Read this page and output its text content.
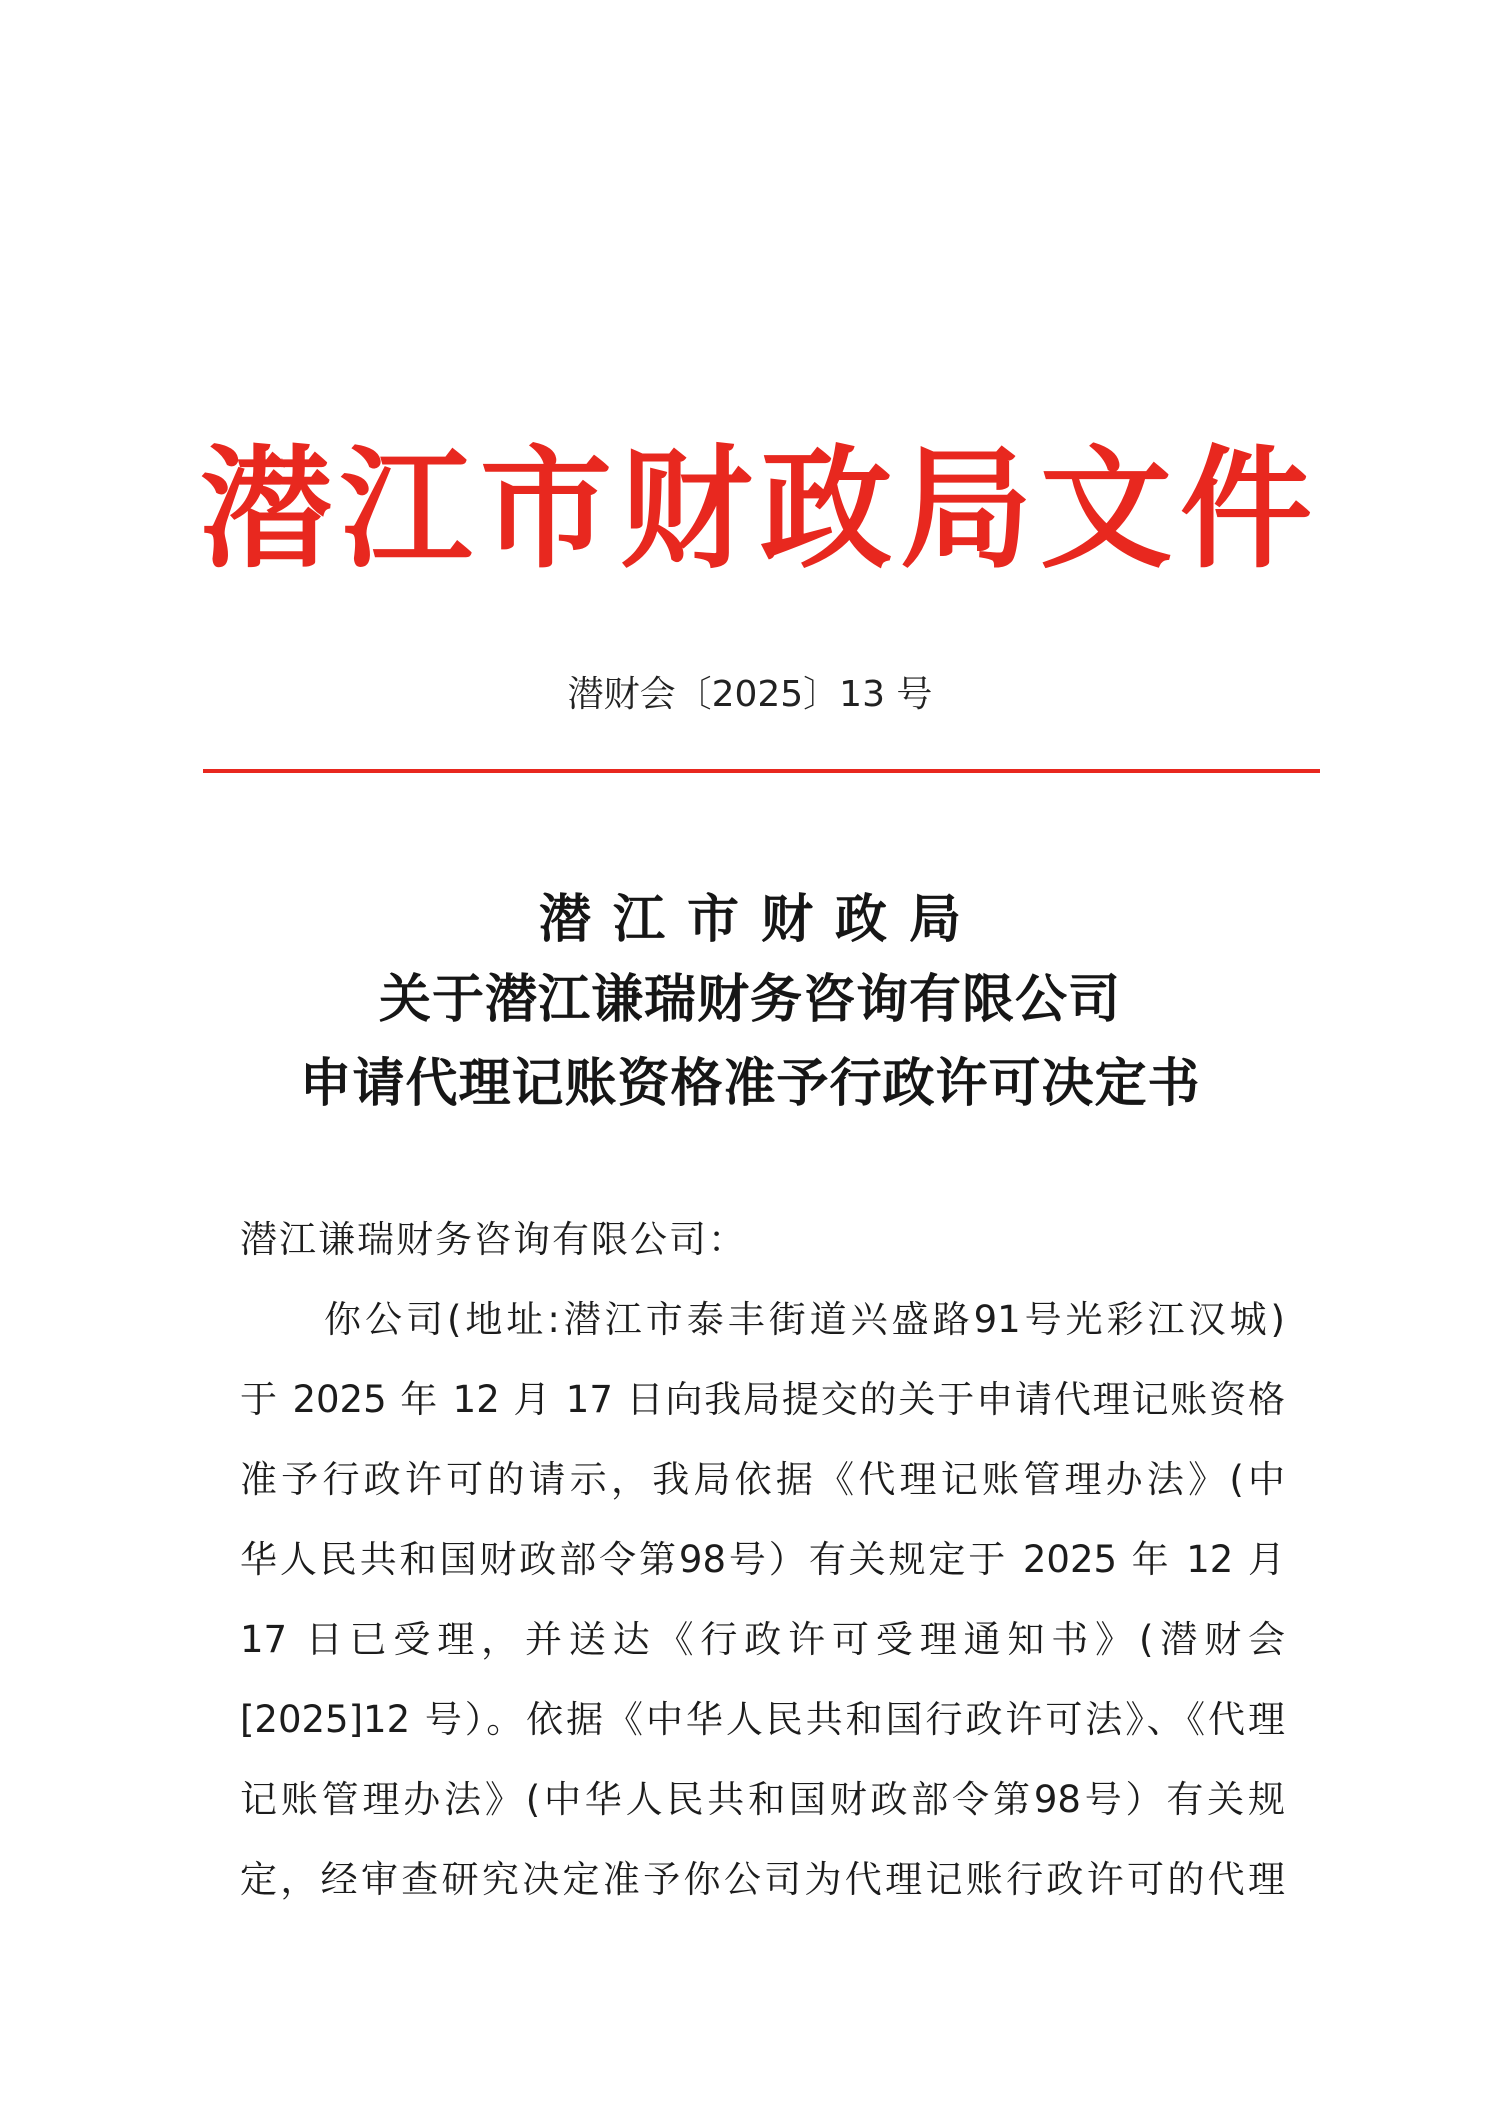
潜江市财政局文件
潜财会〔2025〕13 号
潜江市财政局
关于潜江谦瑞财务咨询有限公司
申请代理记账资格准予行政许可决定书
潜江谦瑞财务咨询有限公司：
你公司(地址:潜江市泰丰街道兴盛路91号光彩江汉城)
于 2025 年 12 月 17 日向我局提交的关于申请代理记账资格
准予行政许可的请示，我局依据《代理记账管理办法》(中
华人民共和国财政部令第98号）有关规定于 2025 年 12 月
17 日已受理，并送达《行政许可受理通知书》(潜财会
[2025]12 号）。依据《中华人民共和国行政许可法》、《代理
记账管理办法》(中华人民共和国财政部令第98号）有关规
定，经审查研究决定准予你公司为代理记账行政许可的代理
